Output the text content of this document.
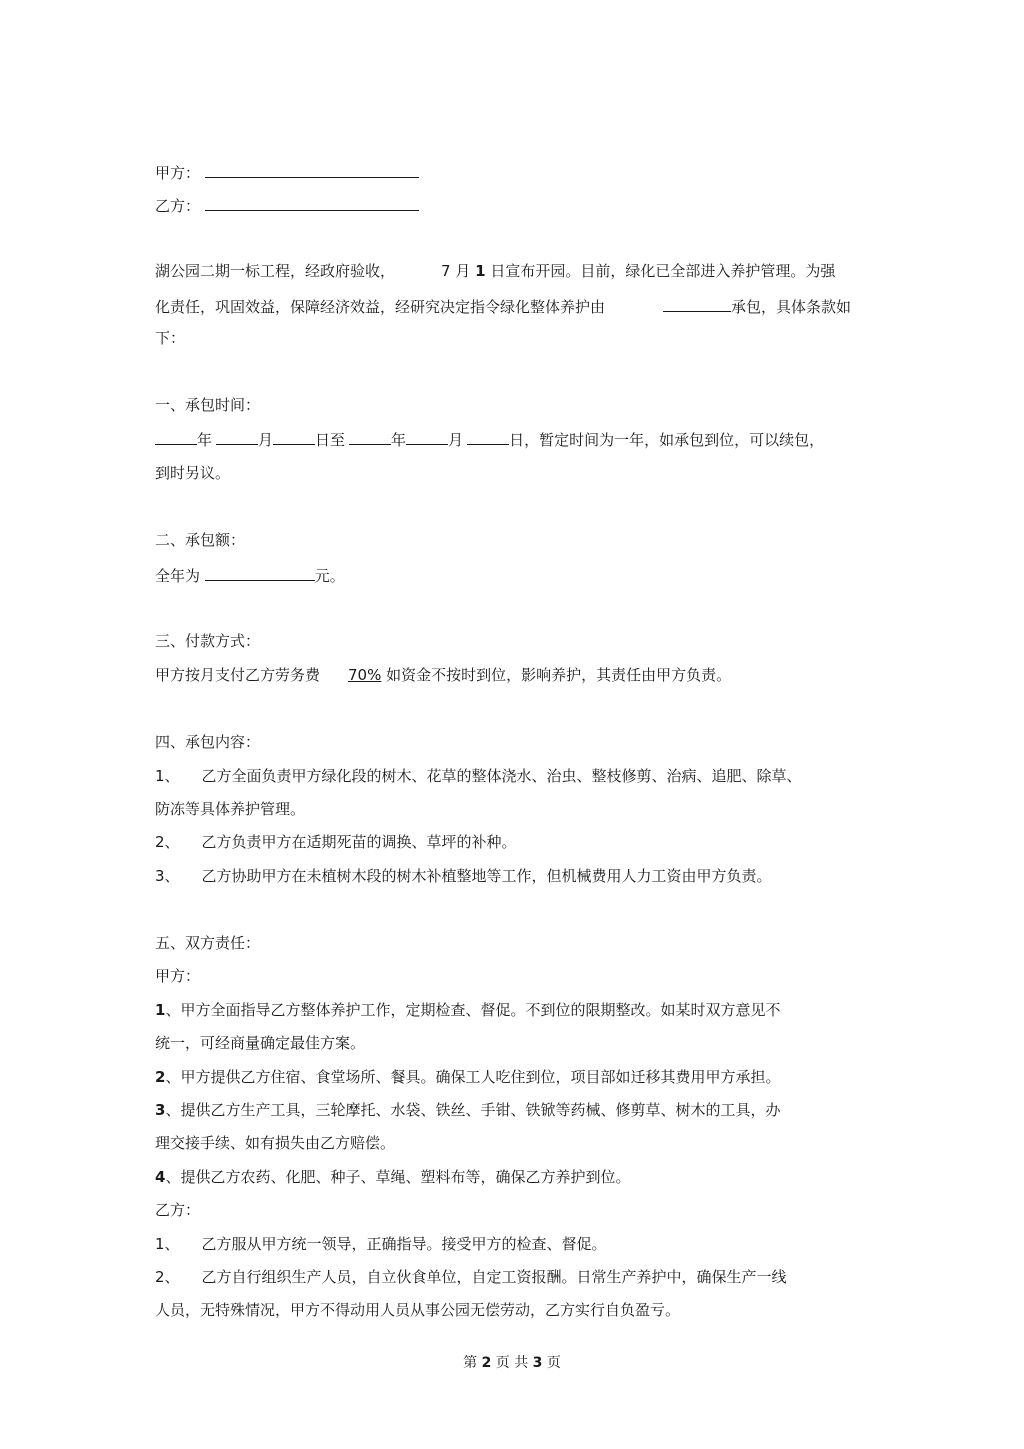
甲方：
乙方：
湖公园二期一标工程，经政府验收，	7 月 1 日宣布开园。目前，绿化已全部进入养护管理。为强
化责任，巩固效益，保障经济效益，经研究决定指令绿化整体养护由	承包，具体条款如
下：
一、承包时间：
年	月	日至	年	月	日，暂定时间为一年，如承包到位，可以续包，
到时另议。
二、承包额：
全年为	元。
三、付款方式：
甲方按月支付乙方劳务费 70% 如资金不按时到位，影响养护，其责任由甲方负责。
四、承包内容：
1、 乙方全面负责甲方绿化段的树木、花草的整体浇水、治虫、整枝修剪、治病、追肥、除草、
防冻等具体养护管理。
2、 乙方负责甲方在适期死苗的调换、草坪的补种。
3、 乙方协助甲方在未植树木段的树木补植整地等工作，但机械费用人力工资由甲方负责。
五、双方责任：
甲方：
1、甲方全面指导乙方整体养护工作，定期检查、督促。不到位的限期整改。如某时双方意见不
统一，可经商量确定最佳方案。
2、甲方提供乙方住宿、食堂场所、餐具。确保工人吃住到位，项目部如迁移其费用甲方承担。
3、提供乙方生产工具，三轮摩托、水袋、铁丝、手钳、铁锨等药械、修剪草、树木的工具，办
理交接手续、如有损失由乙方赔偿。
4、提供乙方农药、化肥、种子、草绳、塑料布等，确保乙方养护到位。
乙方：
1、 乙方服从甲方统一领导，正确指导。接受甲方的检查、督促。
2、 乙方自行组织生产人员，自立伙食单位，自定工资报酬。日常生产养护中，确保生产一线
人员，无特殊情况，甲方不得动用人员从事公园无偿劳动，乙方实行自负盈亏。
第 2 页 共 3 页
